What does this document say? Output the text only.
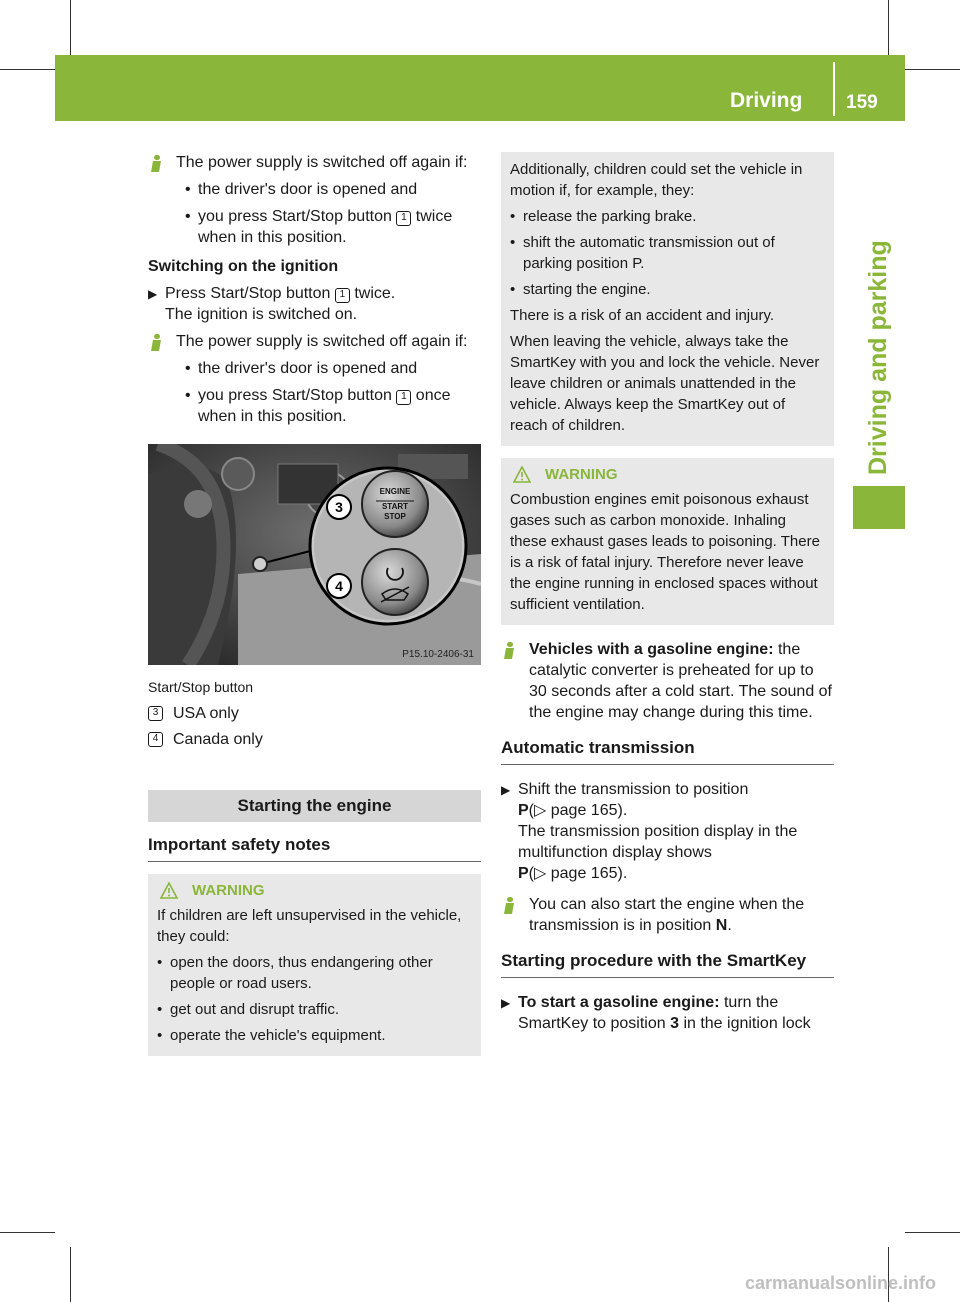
Driving 159
Driving and parking
The power supply is switched off again if:
• the driver's door is opened and
• you press Start/Stop button 1 twice when in this position.
Switching on the ignition
▶ Press Start/Stop button 1 twice.
The ignition is switched on.
The power supply is switched off again if:
• the driver's door is opened and
• you press Start/Stop button 1 once
when in this position.
ENGINE
START
STOP
3
4
P15.10-2406-31
Start/Stop button
3 USA only
4 Canada only
Starting the engine
Important safety notes
WARNING
If children are left unsupervised in the vehicle, they could:
• open the doors, thus endangering other people or road users.
• get out and disrupt traffic.
• operate the vehicle's equipment.
Additionally, children could set the vehicle in motion if, for example, they:
• release the parking brake.
• shift the automatic transmission out of parking position P.
• starting the engine.
There is a risk of an accident and injury.
When leaving the vehicle, always take the SmartKey with you and lock the vehicle. Never leave children or animals unattended in the vehicle. Always keep the SmartKey out of reach of children.
WARNING
Combustion engines emit poisonous exhaust gases such as carbon monoxide. Inhaling these exhaust gases leads to poisoning. There is a risk of fatal injury. Therefore never leave the engine running in enclosed spaces without sufficient ventilation.
Vehicles with a gasoline engine: the catalytic converter is preheated for up to 30 seconds after a cold start. The sound of the engine may change during this time.
Automatic transmission
▶ Shift the transmission to position
P(▷ page 165).
The transmission position display in the multifunction display shows
P(▷ page 165).
You can also start the engine when the transmission is in position N.
Starting procedure with the SmartKey
▶ To start a gasoline engine: turn the SmartKey to position 3 in the ignition lock
carmanualsonline.info
